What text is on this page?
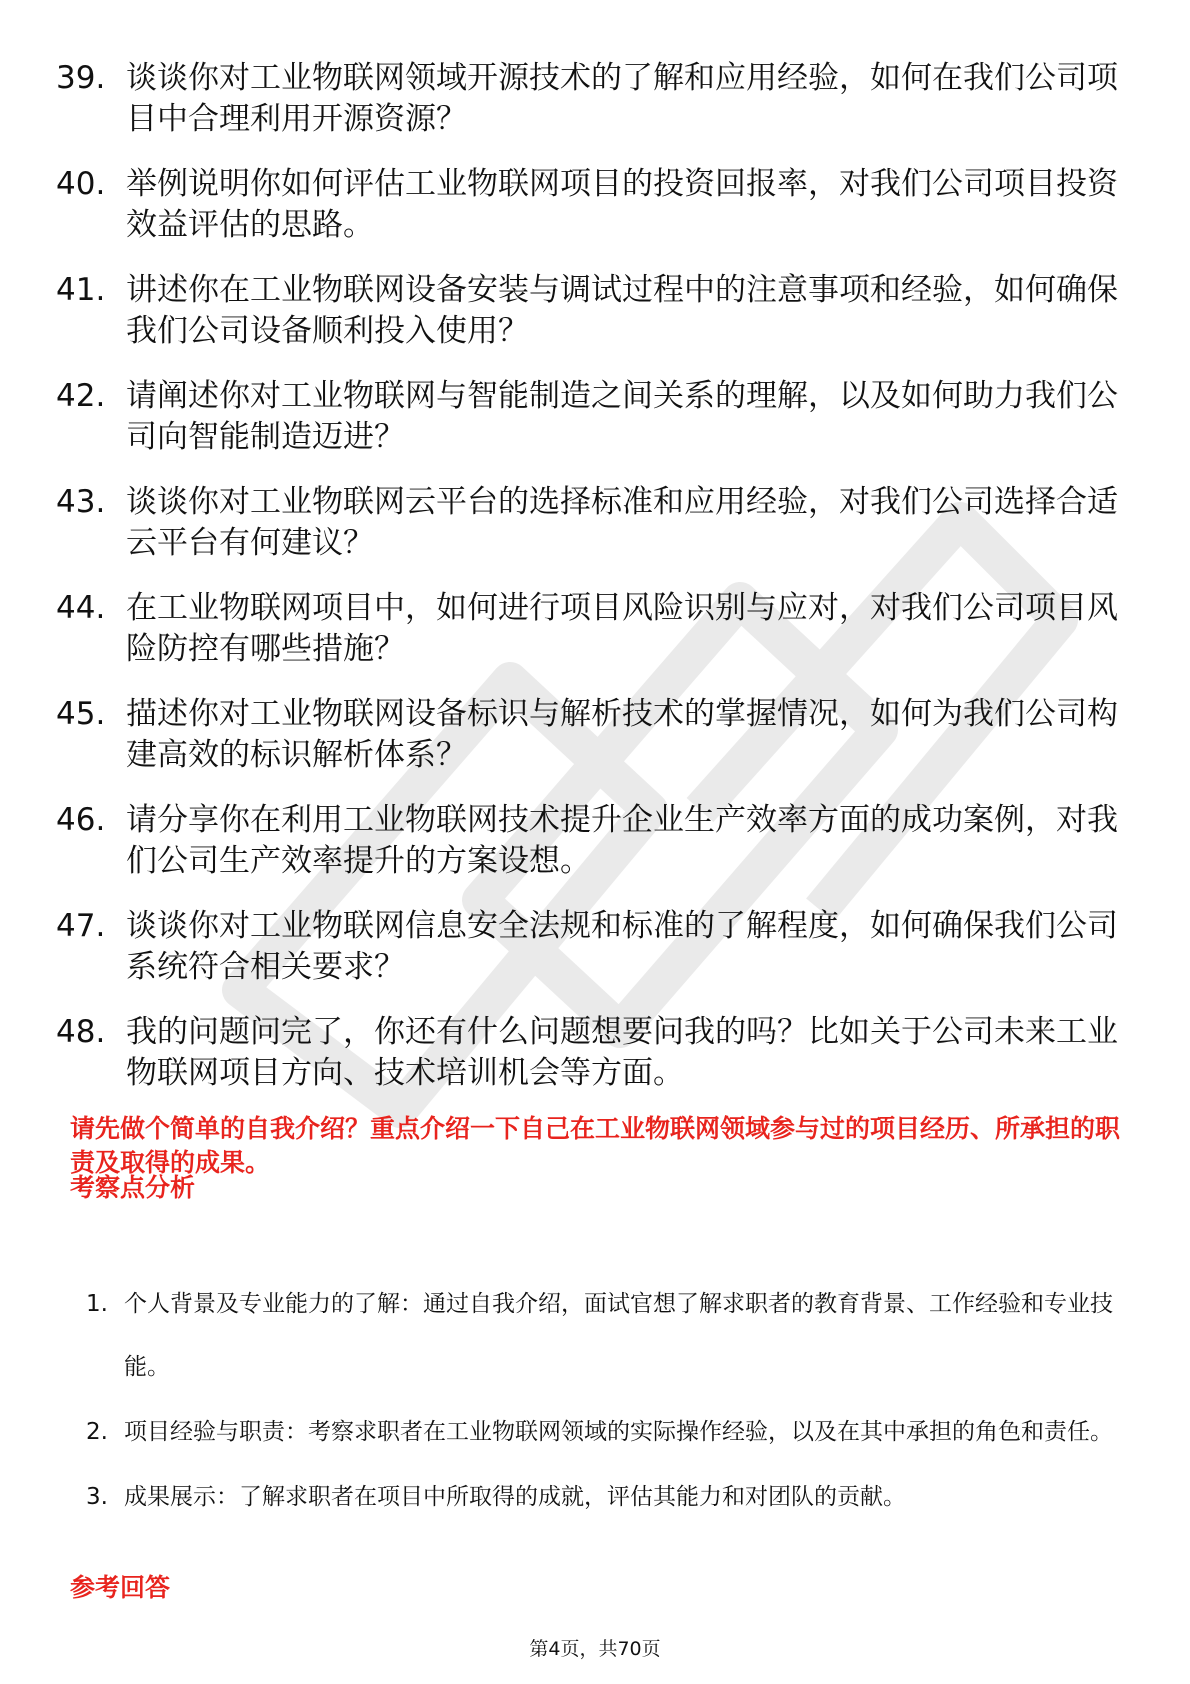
39. 谈谈你对工业物联网领域开源技术的了解和应用经验，如何在我们公司项目中合理利用开源资源？
40. 举例说明你如何评估工业物联网项目的投资回报率，对我们公司项目投资效益评估的思路。
41. 讲述你在工业物联网设备安装与调试过程中的注意事项和经验，如何确保我们公司设备顺利投入使用？
42. 请阐述你对工业物联网与智能制造之间关系的理解，以及如何助力我们公司向智能制造迈进？
43. 谈谈你对工业物联网云平台的选择标准和应用经验，对我们公司选择合适云平台有何建议？
44. 在工业物联网项目中，如何进行项目风险识别与应对，对我们公司项目风险防控有哪些措施？
45. 描述你对工业物联网设备标识与解析技术的掌握情况，如何为我们公司构建高效的标识解析体系？
46. 请分享你在利用工业物联网技术提升企业生产效率方面的成功案例，对我们公司生产效率提升的方案设想。
47. 谈谈你对工业物联网信息安全法规和标准的了解程度，如何确保我们公司系统符合相关要求？
48. 我的问题问完了，你还有什么问题想要问我的吗？比如关于公司未来工业物联网项目方向、技术培训机会等方面。
请先做个简单的自我介绍？重点介绍一下自己在工业物联网领域参与过的项目经历、所承担的职责及取得的成果。
考察点分析
1. 个人背景及专业能力的了解：通过自我介绍，面试官想了解求职者的教育背景、工作经验和专业技能。
2. 项目经验与职责：考察求职者在工业物联网领域的实际操作经验，以及在其中承担的角色和责任。
3. 成果展示：了解求职者在项目中所取得的成就，评估其能力和对团队的贡献。
参考回答
第4页，共70页
